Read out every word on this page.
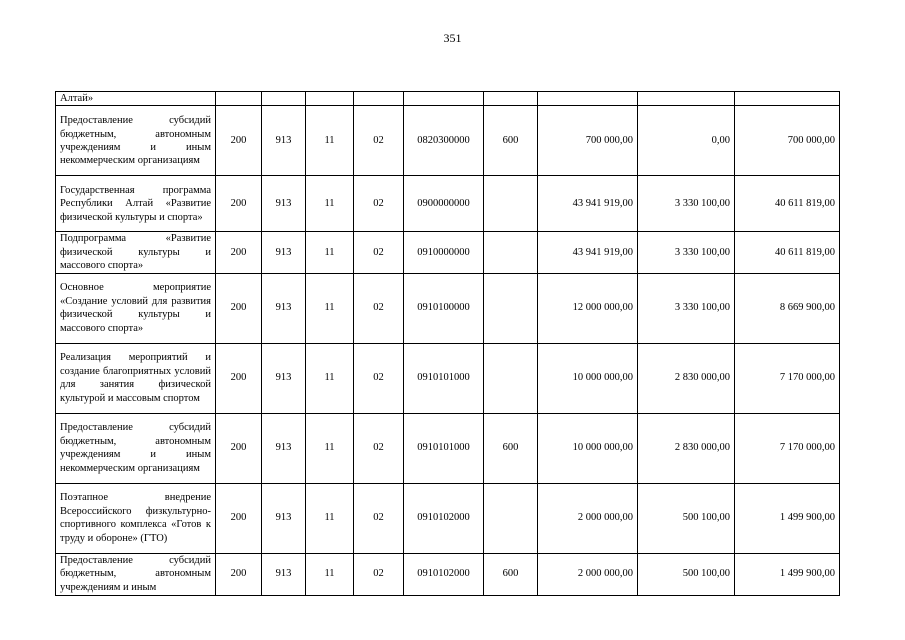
351
Алтай»									
Предоставление субсидий бюджетным, автономным учреждениям и иным некоммерческим организациям	200	913	11	02	0820300000	600	700 000,00	0,00	700 000,00
Государственная программа Республики Алтай «Развитие физической культуры и спорта»	200	913	11	02	0900000000		43 941 919,00	3 330 100,00	40 611 819,00
Подпрограмма «Развитие физической культуры и массового спорта»	200	913	11	02	0910000000		43 941 919,00	3 330 100,00	40 611 819,00
Основное мероприятие «Создание условий для развития физической культуры и массового спорта»	200	913	11	02	0910100000		12 000 000,00	3 330 100,00	8 669 900,00
Реализация мероприятий и создание благоприятных условий для занятия физической культурой и массовым спортом	200	913	11	02	0910101000		10 000 000,00	2 830 000,00	7 170 000,00
Предоставление субсидий бюджетным, автономным учреждениям и иным некоммерческим организациям	200	913	11	02	0910101000	600	10 000 000,00	2 830 000,00	7 170 000,00
Поэтапное внедрение Всероссийского физкультурно-спортивного комплекса «Готов к труду и обороне» (ГТО)	200	913	11	02	0910102000		2 000 000,00	500 100,00	1 499 900,00
Предоставление субсидий бюджетным, автономным учреждениям и иным	200	913	11	02	0910102000	600	2 000 000,00	500 100,00	1 499 900,00
